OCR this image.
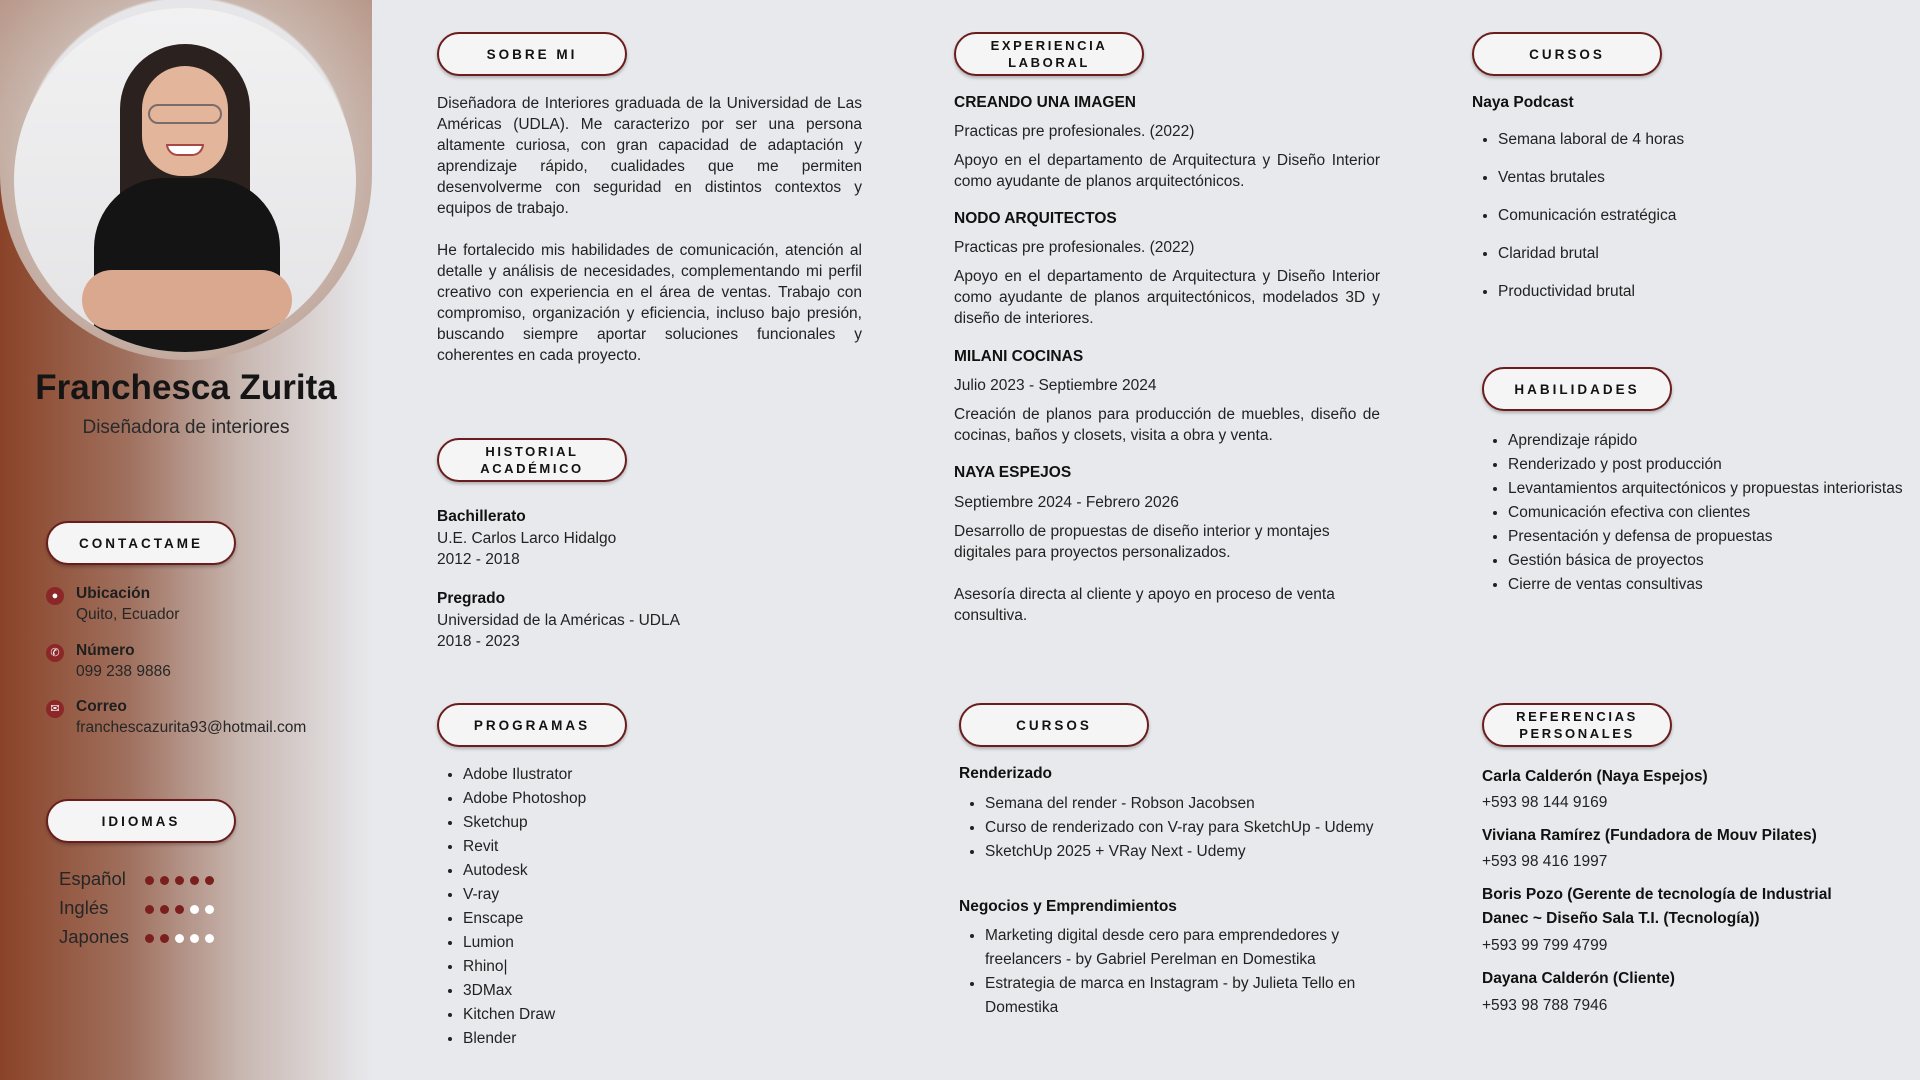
Franchesca Zurita
Diseñadora de interiores
CONTACTAME
●	Ubicación
Quito, Ecuador
✆ Número
099 238 9886
✉ Correo
franchescazurita93@hotmail.com
IDIOMAS
Español
Inglés
Japones
SOBRE MI
Diseñadora de Interiores graduada de la Universidad de Las Américas (UDLA). Me caracterizo por ser una persona altamente curiosa, con gran capacidad de adaptación y aprendizaje rápido, cualidades que me permiten desenvolverme con seguridad en distintos contextos y equipos de trabajo.
He fortalecido mis habilidades de comunicación, atención al detalle y análisis de necesidades, complementando mi perfil creativo con experiencia en el área de ventas. Trabajo con compromiso, organización y eficiencia, incluso bajo presión, buscando siempre aportar soluciones funcionales y coherentes en cada proyecto.
HISTORIAL
ACADÉMICO
Bachillerato
U.E. Carlos Larco Hidalgo
2012 - 2018
Pregrado
Universidad de la Américas - UDLA
2018 - 2023
PROGRAMAS
• Adobe Ilustrator
• Adobe Photoshop
• Sketchup
• Revit
• Autodesk
• V-ray
• Enscape
• Lumion
• Rhino|
• 3DMax
• Kitchen Draw
• Blender
EXPERIENCIA
LABORAL
CREANDO UNA IMAGEN
Practicas pre profesionales. (2022)
Apoyo en el departamento de Arquitectura y Diseño Interior como ayudante de planos arquitectónicos.
NODO ARQUITECTOS
Practicas pre profesionales. (2022)
Apoyo en el departamento de Arquitectura y Diseño Interior como ayudante de planos arquitectónicos, modelados 3D y diseño de interiores.
MILANI COCINAS
Julio 2023 - Septiembre 2024
Creación de planos para producción de muebles, diseño de cocinas, baños y closets, visita a obra y venta.
NAYA ESPEJOS
Septiembre 2024 - Febrero 2026
Desarrollo de propuestas de diseño interior y montajes digitales para proyectos personalizados.
Asesoría directa al cliente y apoyo en proceso de venta consultiva.
CURSOS
Renderizado
• Semana del render - Robson Jacobsen
• Curso de renderizado con V-ray para SketchUp - Udemy
• SketchUp 2025 + VRay Next - Udemy
Negocios y Emprendimientos
• Marketing digital desde cero para emprendedores y freelancers - by Gabriel Perelman en Domestika
• Estrategia de marca en Instagram - by Julieta Tello en Domestika
CURSOS
Naya Podcast
• Semana laboral de 4 horas
• Ventas brutales
• Comunicación estratégica
• Claridad brutal
• Productividad brutal
HABILIDADES
• Aprendizaje rápido
• Renderizado y post producción
• Levantamientos arquitectónicos y propuestas interioristas
• Comunicación efectiva con clientes
• Presentación y defensa de propuestas
• Gestión básica de proyectos
• Cierre de ventas consultivas
REFERENCIAS
PERSONALES
Carla Calderón (Naya Espejos)
+593 98 144 9169
Viviana Ramírez (Fundadora de Mouv Pilates)
+593 98 416 1997
Boris Pozo (Gerente de tecnología de Industrial
Danec ~ Diseño Sala T.I. (Tecnología))
+593 99 799 4799
Dayana Calderón (Cliente)
+593 98 788 7946
